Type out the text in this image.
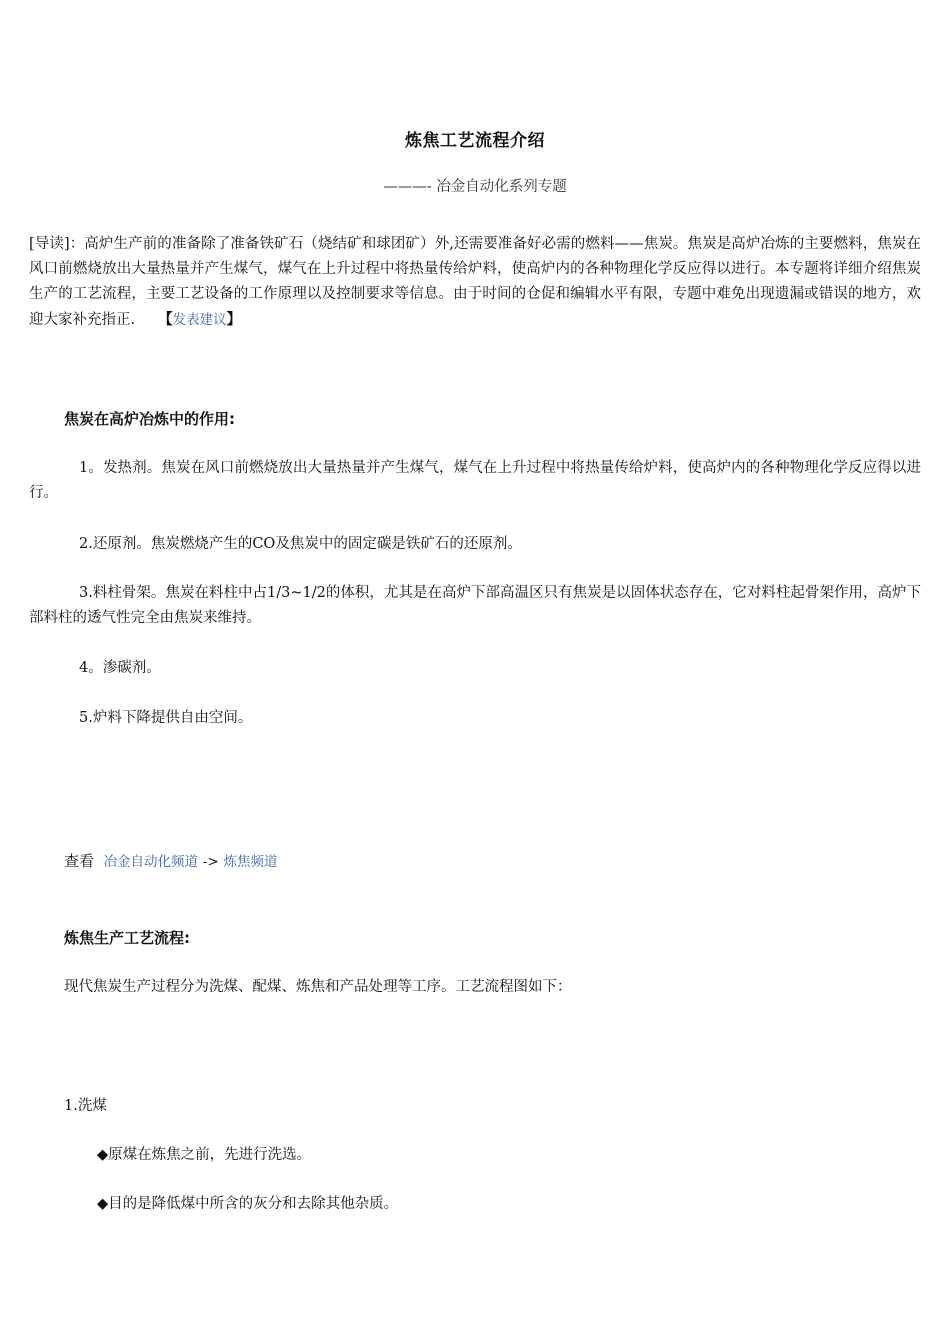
炼焦工艺流程介绍
———- 冶金自动化系列专题
[导读]：高炉生产前的准备除了准备铁矿石（烧结矿和球团矿）外,还需要准备好必需的燃料——焦炭。焦炭是高炉冶炼的主要燃料，焦炭在风口前燃烧放出大量热量并产生煤气，煤气在上升过程中将热量传给炉料，使高炉内的各种物理化学反应得以进行。本专题将详细介绍焦炭生产的工艺流程，主要工艺设备的工作原理以及控制要求等信息。由于时间的仓促和编辑水平有限，专题中难免出现遗漏或错误的地方，欢迎大家补充指正. 【发表建议】
焦炭在高炉冶炼中的作用:
1。发热剂。焦炭在风口前燃烧放出大量热量并产生煤气，煤气在上升过程中将热量传给炉料，使高炉内的各种物理化学反应得以进行。
2.还原剂。焦炭燃烧产生的CO及焦炭中的固定碳是铁矿石的还原剂。
3.料柱骨架。焦炭在料柱中占1/3~1/2的体积，尤其是在高炉下部高温区只有焦炭是以固体状态存在，它对料柱起骨架作用，高炉下部料柱的透气性完全由焦炭来维持。
4。渗碳剂。
5.炉料下降提供自由空间。
查看 冶金自动化频道 -> 炼焦频道
炼焦生产工艺流程:
现代焦炭生产过程分为洗煤、配煤、炼焦和产品处理等工序。工艺流程图如下：
1.洗煤
◆原煤在炼焦之前，先进行洗选。
◆目的是降低煤中所含的灰分和去除其他杂质。
